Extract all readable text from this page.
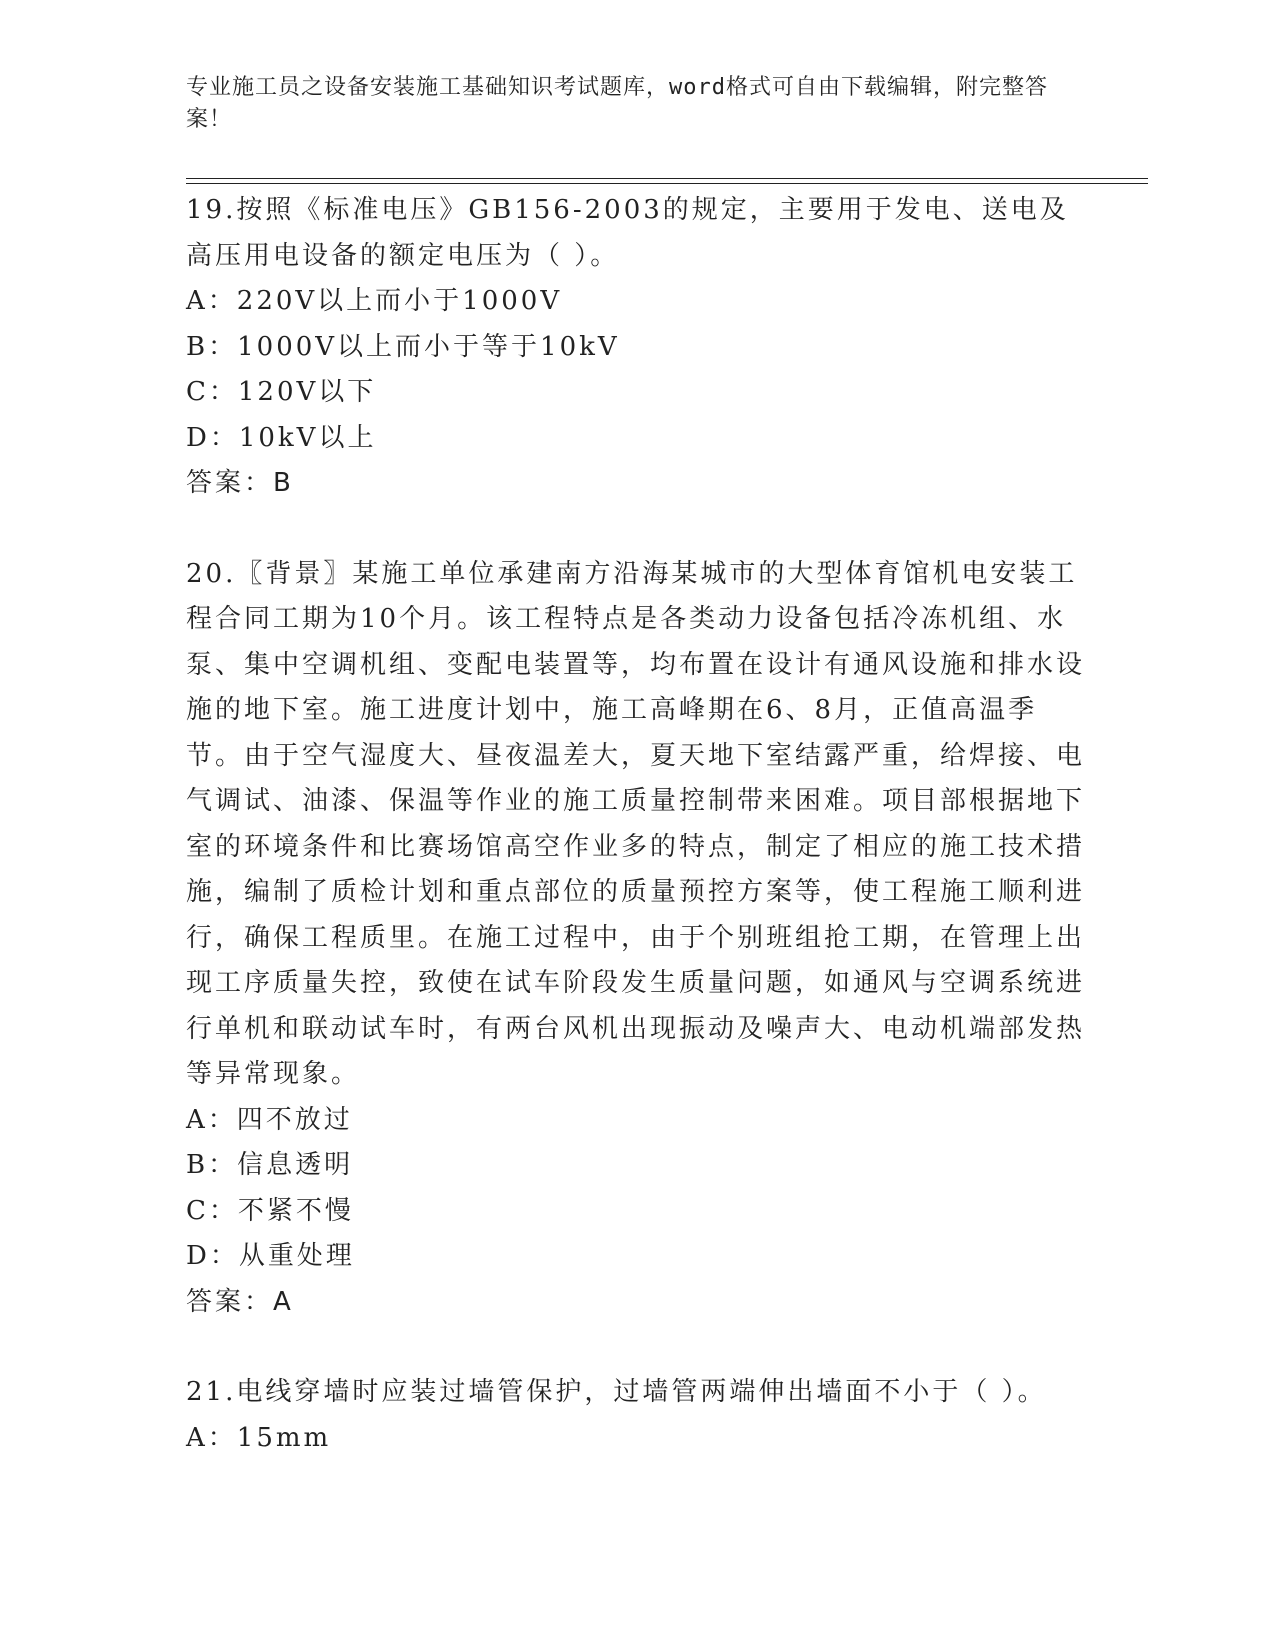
专业施工员之设备安装施工基础知识考试题库，word格式可自由下载编辑，附完整答案！
19.按照《标准电压》GB156-2003的规定，主要用于发电、送电及高压用电设备的额定电压为（ ）。
A：220V以上而小于1000V
B：1000V以上而小于等于10kV
C：120V以下
D：10kV以上
答案：B
20.〖背景〗某施工单位承建南方沿海某城市的大型体育馆机电安装工程合同工期为10个月。该工程特点是各类动力设备包括冷冻机组、水泵、集中空调机组、变配电装置等，均布置在设计有通风设施和排水设施的地下室。施工进度计划中，施工高峰期在6、8月，正值高温季节。由于空气湿度大、昼夜温差大，夏天地下室结露严重，给焊接、电气调试、油漆、保温等作业的施工质量控制带来困难。项目部根据地下室的环境条件和比赛场馆高空作业多的特点，制定了相应的施工技术措施，编制了质检计划和重点部位的质量预控方案等，使工程施工顺利进行，确保工程质里。在施工过程中，由于个别班组抢工期，在管理上出现工序质量失控，致使在试车阶段发生质量问题，如通风与空调系统进行单机和联动试车时，有两台风机出现振动及噪声大、电动机端部发热等异常现象。
A：四不放过
B：信息透明
C：不紧不慢
D：从重处理
答案：A
21.电线穿墙时应装过墙管保护，过墙管两端伸出墙面不小于（ ）。
A：15mm
